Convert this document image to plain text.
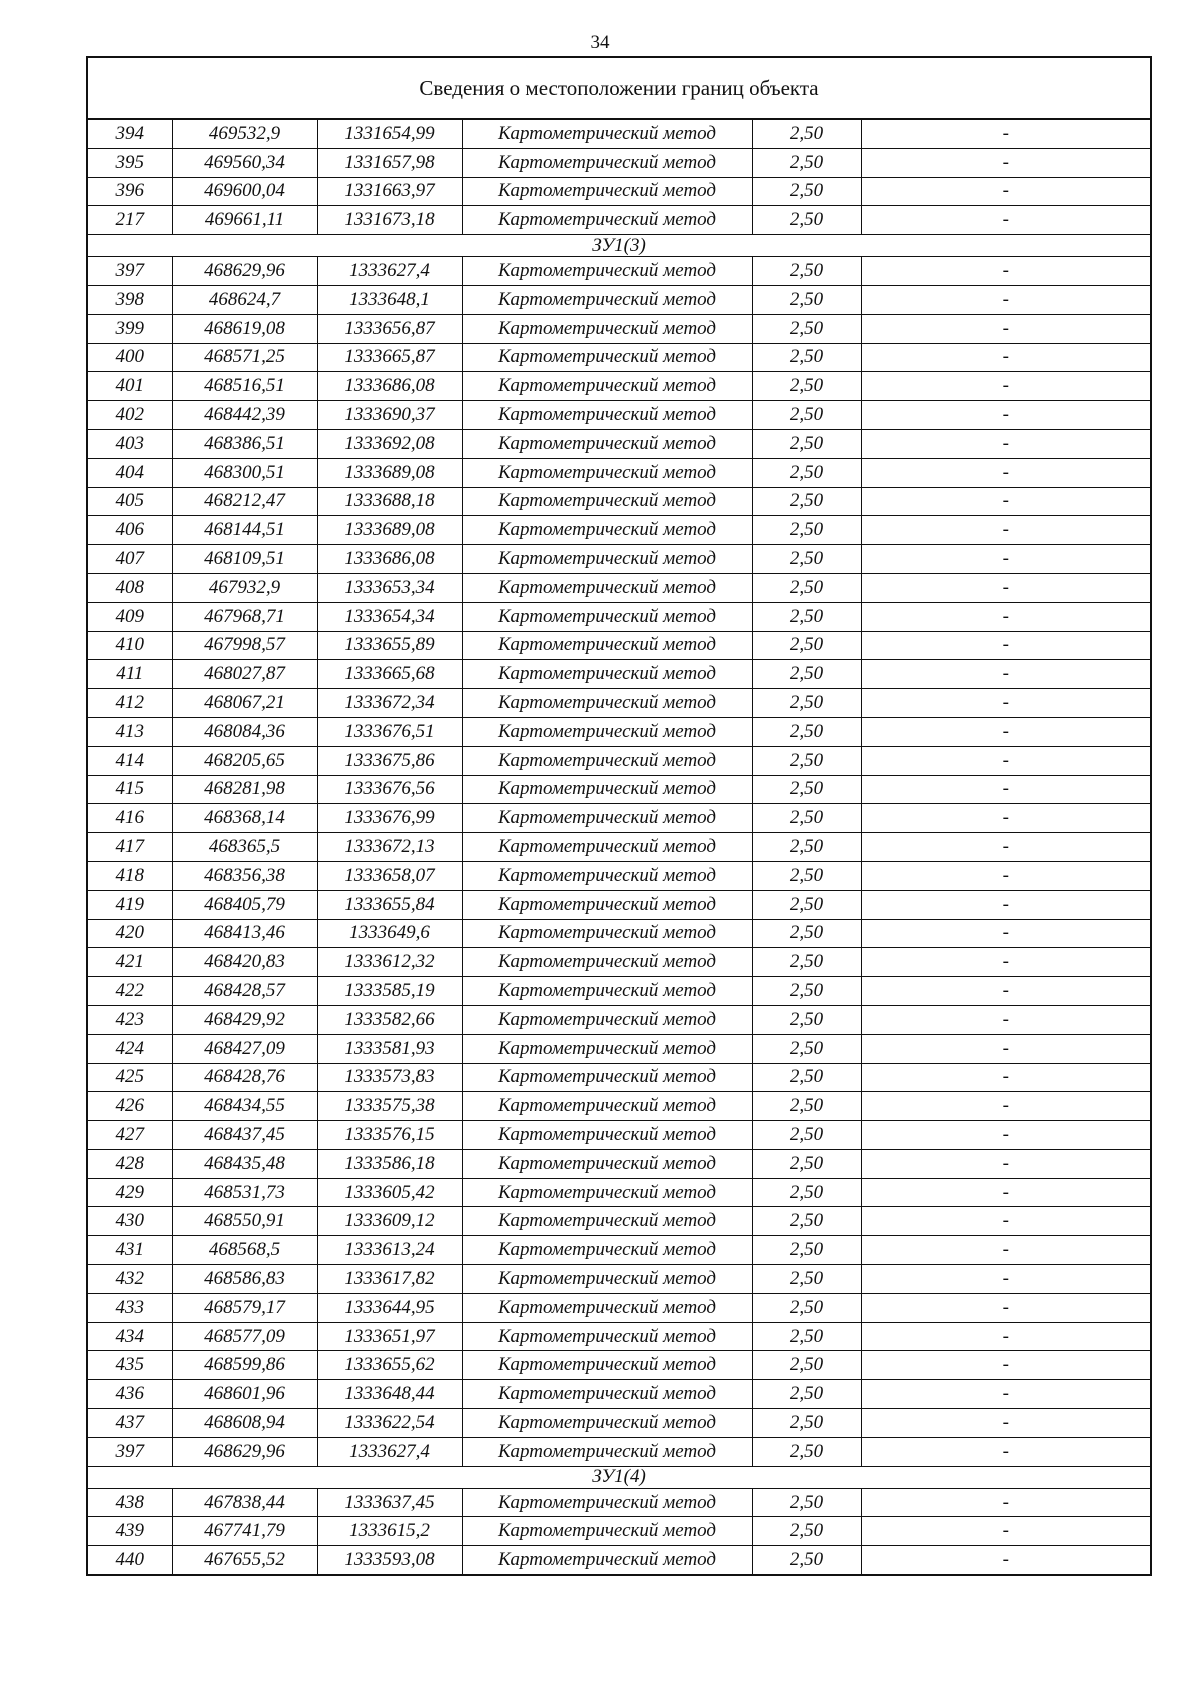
34
Сведения о местоположении границ объекта					
394	469532,9	1331654,99	Картометрический метод	2,50	-
395	469560,34	1331657,98	Картометрический метод	2,50	-
396	469600,04	1331663,97	Картометрический метод	2,50	-
217	469661,11	1331673,18	Картометрический метод	2,50	-
ЗУ1(3)					
397	468629,96	1333627,4	Картометрический метод	2,50	-
398	468624,7	1333648,1	Картометрический метод	2,50	-
399	468619,08	1333656,87	Картометрический метод	2,50	-
400	468571,25	1333665,87	Картометрический метод	2,50	-
401	468516,51	1333686,08	Картометрический метод	2,50	-
402	468442,39	1333690,37	Картометрический метод	2,50	-
403	468386,51	1333692,08	Картометрический метод	2,50	-
404	468300,51	1333689,08	Картометрический метод	2,50	-
405	468212,47	1333688,18	Картометрический метод	2,50	-
406	468144,51	1333689,08	Картометрический метод	2,50	-
407	468109,51	1333686,08	Картометрический метод	2,50	-
408	467932,9	1333653,34	Картометрический метод	2,50	-
409	467968,71	1333654,34	Картометрический метод	2,50	-
410	467998,57	1333655,89	Картометрический метод	2,50	-
411	468027,87	1333665,68	Картометрический метод	2,50	-
412	468067,21	1333672,34	Картометрический метод	2,50	-
413	468084,36	1333676,51	Картометрический метод	2,50	-
414	468205,65	1333675,86	Картометрический метод	2,50	-
415	468281,98	1333676,56	Картометрический метод	2,50	-
416	468368,14	1333676,99	Картометрический метод	2,50	-
417	468365,5	1333672,13	Картометрический метод	2,50	-
418	468356,38	1333658,07	Картометрический метод	2,50	-
419	468405,79	1333655,84	Картометрический метод	2,50	-
420	468413,46	1333649,6	Картометрический метод	2,50	-
421	468420,83	1333612,32	Картометрический метод	2,50	-
422	468428,57	1333585,19	Картометрический метод	2,50	-
423	468429,92	1333582,66	Картометрический метод	2,50	-
424	468427,09	1333581,93	Картометрический метод	2,50	-
425	468428,76	1333573,83	Картометрический метод	2,50	-
426	468434,55	1333575,38	Картометрический метод	2,50	-
427	468437,45	1333576,15	Картометрический метод	2,50	-
428	468435,48	1333586,18	Картометрический метод	2,50	-
429	468531,73	1333605,42	Картометрический метод	2,50	-
430	468550,91	1333609,12	Картометрический метод	2,50	-
431	468568,5	1333613,24	Картометрический метод	2,50	-
432	468586,83	1333617,82	Картометрический метод	2,50	-
433	468579,17	1333644,95	Картометрический метод	2,50	-
434	468577,09	1333651,97	Картометрический метод	2,50	-
435	468599,86	1333655,62	Картометрический метод	2,50	-
436	468601,96	1333648,44	Картометрический метод	2,50	-
437	468608,94	1333622,54	Картометрический метод	2,50	-
397	468629,96	1333627,4	Картометрический метод	2,50	-
ЗУ1(4)					
438	467838,44	1333637,45	Картометрический метод	2,50	-
439	467741,79	1333615,2	Картометрический метод	2,50	-
440	467655,52	1333593,08	Картометрический метод	2,50	-
